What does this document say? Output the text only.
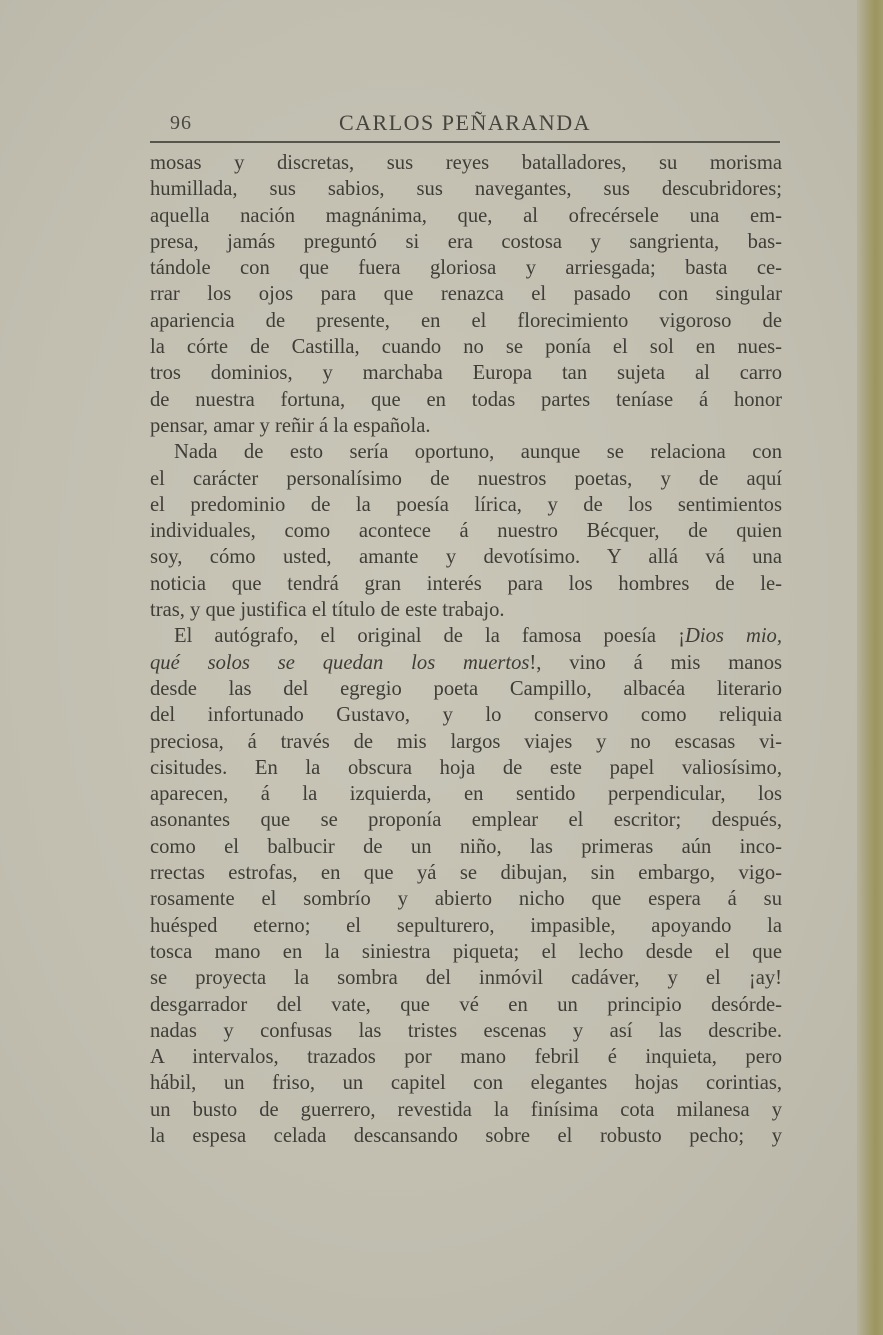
96	CARLOS PEÑARANDA
mosas y discretas, sus reyes batalladores, su morisma
humillada, sus sabios, sus navegantes, sus descubridores;
aquella nación magnánima, que, al ofrecérsele una em-
presa, jamás preguntó si era costosa y sangrienta, bas-
tándole con que fuera gloriosa y arriesgada; basta ce-
rrar los ojos para que renazca el pasado con singular
apariencia de presente, en el florecimiento vigoroso de
la córte de Castilla, cuando no se ponía el sol en nues-
tros dominios, y marchaba Europa tan sujeta al carro
de nuestra fortuna, que en todas partes teníase á honor
pensar, amar y reñir á la española.
Nada de esto sería oportuno, aunque se relaciona con
el carácter personalísimo de nuestros poetas, y de aquí
el predominio de la poesía lírica, y de los sentimientos
individuales, como acontece á nuestro Bécquer, de quien
soy, cómo usted, amante y devotísimo. Y allá vá una
noticia que tendrá gran interés para los hombres de le-
tras, y que justifica el título de este trabajo.
El autógrafo, el original de la famosa poesía ¡Dios mio,
qué solos se quedan los muertos!, vino á mis manos
desde las del egregio poeta Campillo, albacéa literario
del infortunado Gustavo, y lo conservo como reliquia
preciosa, á través de mis largos viajes y no escasas vi-
cisitudes. En la obscura hoja de este papel valiosísimo,
aparecen, á la izquierda, en sentido perpendicular, los
asonantes que se proponía emplear el escritor; después,
como el balbucir de un niño, las primeras aún inco-
rrectas estrofas, en que yá se dibujan, sin embargo, vigo-
rosamente el sombrío y abierto nicho que espera á su
huésped eterno; el sepulturero, impasible, apoyando la
tosca mano en la siniestra piqueta; el lecho desde el que
se proyecta la sombra del inmóvil cadáver, y el ¡ay!
desgarrador del vate, que vé en un principio desórde-
nadas y confusas las tristes escenas y así las describe.
A intervalos, trazados por mano febril é inquieta, pero
hábil, un friso, un capitel con elegantes hojas corintias,
un busto de guerrero, revestida la finísima cota milanesa y
la espesa celada descansando sobre el robusto pecho; y
